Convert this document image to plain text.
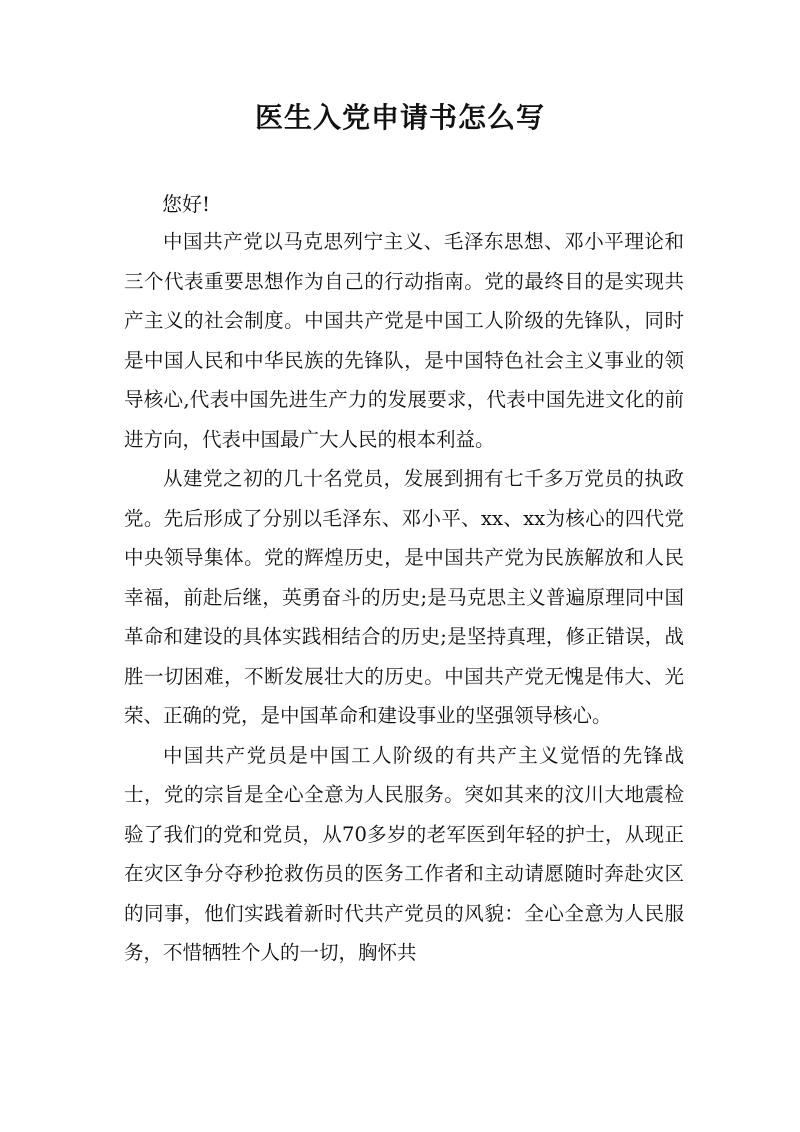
医生入党申请书怎么写
您好!

中国共产党以马克思列宁主义、毛泽东思想、邓小平理论和三个代表重要思想作为自己的行动指南。党的最终目的是实现共产主义的社会制度。中国共产党是中国工人阶级的先锋队，同时是中国人民和中华民族的先锋队，是中国特色社会主义事业的领导核心,代表中国先进生产力的发展要求，代表中国先进文化的前进方向，代表中国最广大人民的根本利益。

从建党之初的几十名党员，发展到拥有七千多万党员的执政党。先后形成了分别以毛泽东、邓小平、xx、xx为核心的四代党中央领导集体。党的辉煌历史，是中国共产党为民族解放和人民幸福，前赴后继，英勇奋斗的历史;是马克思主义普遍原理同中国革命和建设的具体实践相结合的历史;是坚持真理，修正错误，战胜一切困难，不断发展壮大的历史。中国共产党无愧是伟大、光荣、正确的党，是中国革命和建设事业的坚强领导核心。

中国共产党员是中国工人阶级的有共产主义觉悟的先锋战士，党的宗旨是全心全意为人民服务。突如其来的汶川大地震检验了我们的党和党员，从70多岁的老军医到年轻的护士，从现正在灾区争分夺秒抢救伤员的医务工作者和主动请愿随时奔赴灾区的同事，他们实践着新时代共产党员的风貌：全心全意为人民服务，不惜牺牲个人的一切，胸怀共
